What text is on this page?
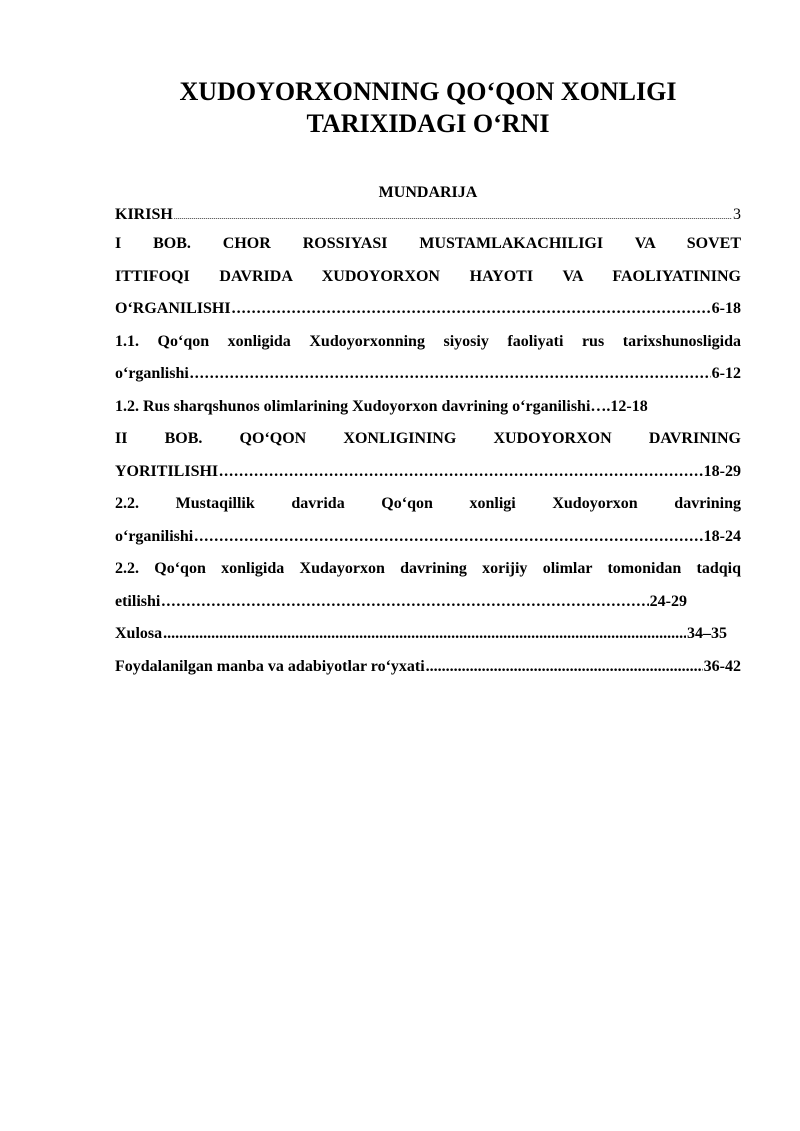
XUDOYORXONNING QO‘QON XONLIGI
TARIXIDAGI O‘RNI
MUNDARIJA
KIRISH .....	3
I BOB. CHOR ROSSIYASI MUSTAMLAKACHILIGI VA SOVET
ITTIFOQI DAVRIDA XUDOYORXON HAYOTI VA FAOLIYATINING
O‘RGANILISHI .....	6-18
1.1. Qo‘qon xonligida Xudoyorxonning siyosiy faoliyati rus tarixshunosligida
o‘rganlishi .....	6-12
1.2. Rus sharqshunos olimlarining Xudoyorxon davrining o‘rganilishi …. 12-18
II BOB. QO‘QON XONLIGINING XUDOYORXON DAVRINING
YORITILISHI .....	18-29
2.2. Mustaqillik davrida Qo‘qon xonligi Xudoyorxon davrining
o‘rganilishi .....	18-24
2.2. Qo‘qon xonligida Xudayorxon davrining xorijiy olimlar tomonidan tadqiq
etilishi .....	24-29
Xulosa .....	34–35
Foydalanilgan manba va adabiyotlar ro‘yxati .....	36-42
